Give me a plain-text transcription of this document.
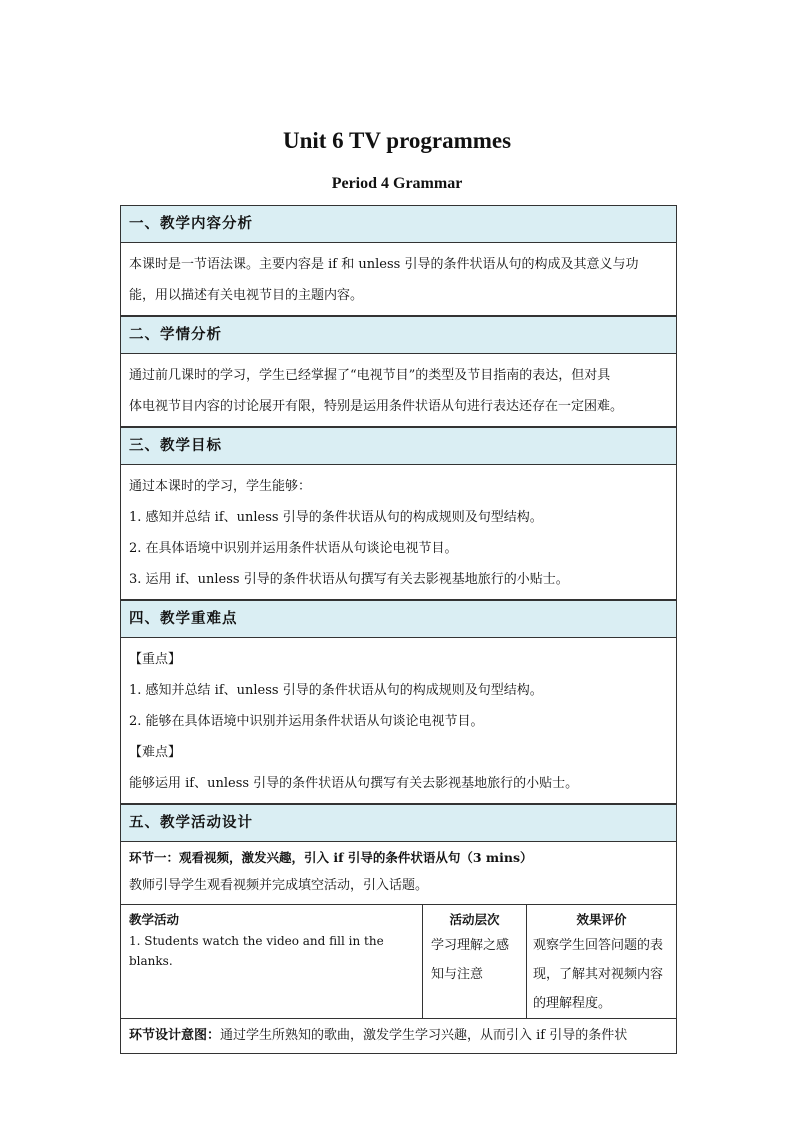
Unit 6 TV programmes
Period 4 Grammar
一、教学内容分析

本课时是一节语法课。主要内容是 if 和 unless 引导的条件状语从句的构成及其意义与功

能，用以描述有关电视节目的主题内容。

二、学情分析

通过前几课时的学习，学生已经掌握了“电视节目”的类型及节目指南的表达，但对具

体电视节目内容的讨论展开有限，特别是运用条件状语从句进行表达还存在一定困难。

三、教学目标

通过本课时的学习，学生能够：

1. 感知并总结 if、unless 引导的条件状语从句的构成规则及句型结构。

2. 在具体语境中识别并运用条件状语从句谈论电视节目。

3. 运用 if、unless 引导的条件状语从句撰写有关去影视基地旅行的小贴士。

四、教学重难点

【重点】

1. 感知并总结 if、unless 引导的条件状语从句的构成规则及句型结构。

2. 能够在具体语境中识别并运用条件状语从句谈论电视节目。

【难点】

能够运用 if、unless 引导的条件状语从句撰写有关去影视基地旅行的小贴士。

五、教学活动设计
环节一：观看视频，激发兴趣，引入 if 引导的条件状语从句（3 mins）
教师引导学生观看视频并完成填空活动，引入话题。
教学活动
1. Students watch the video and fill in the blanks.
活动层次
学习理解之感知与注意
效果评价
观察学生回答问题的表现，了解其对视频内容的理解程度。
环节设计意图：通过学生所熟知的歌曲，激发学生学习兴趣，从而引入 if 引导的条件状
